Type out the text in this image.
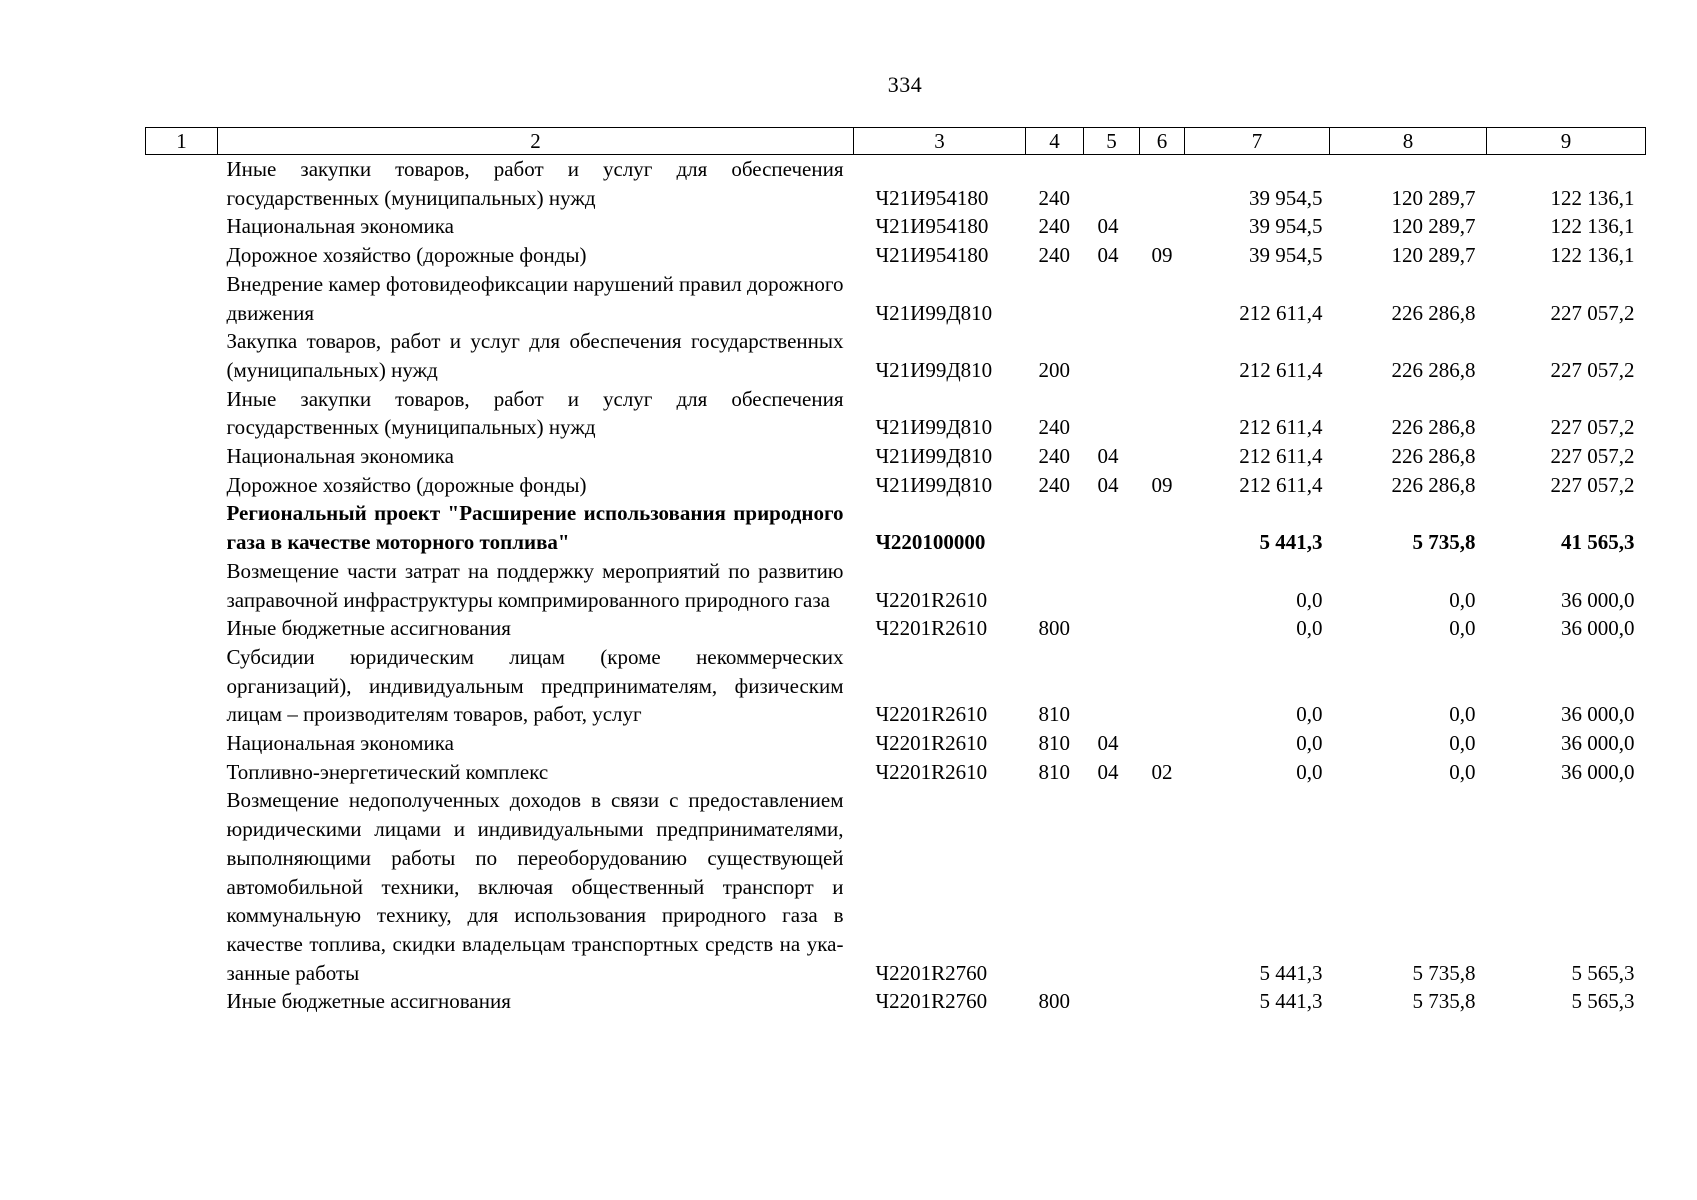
334
1	2	3	4	5	6	7	8	9
	Иные закупки товаров, работ и услуг для обеспечения государственных (муниципальных) нужд	Ч21И954180	240			39 954,5	120 289,7	122 136,1
	Национальная экономика	Ч21И954180	240	04		39 954,5	120 289,7	122 136,1
	Дорожное хозяйство (дорожные фонды)	Ч21И954180	240	04	09	39 954,5	120 289,7	122 136,1
	Внедрение камер фотовидеофиксации нарушений правил дорожного движения	Ч21И99Д810				212 611,4	226 286,8	227 057,2
	Закупка товаров, работ и услуг для обеспечения государственных (муниципальных) нужд	Ч21И99Д810	200			212 611,4	226 286,8	227 057,2
	Иные закупки товаров, работ и услуг для обеспечения государственных (муниципальных) нужд	Ч21И99Д810	240			212 611,4	226 286,8	227 057,2
	Национальная экономика	Ч21И99Д810	240	04		212 611,4	226 286,8	227 057,2
	Дорожное хозяйство (дорожные фонды)	Ч21И99Д810	240	04	09	212 611,4	226 286,8	227 057,2
	Региональный проект "Расширение использования природного газа в качестве моторного топлива"	Ч220100000				5 441,3	5 735,8	41 565,3
	Возмещение части затрат на поддержку мероприятий по развитию заправочной инфраструктуры компримированного природного газа	Ч2201R2610				0,0	0,0	36 000,0
	Иные бюджетные ассигнования	Ч2201R2610	800			0,0	0,0	36 000,0
	Субсидии юридическим лицам (кроме некоммерческих организаций), индивидуальным предпринимателям, физическим лицам – производителям товаров, работ, услуг	Ч2201R2610	810			0,0	0,0	36 000,0
	Национальная экономика	Ч2201R2610	810	04		0,0	0,0	36 000,0
	Топливно-энергетический комплекс	Ч2201R2610	810	04	02	0,0	0,0	36 000,0
	Возмещение недополученных доходов в связи с предоставлением юридическими лицами и индивидуальными предпринимателями, выполняющими работы по переоборудованию существующей автомобильной техники, включая общественный транспорт и коммунальную технику, для использования природного газа в качестве топлива, скидки владельцам транспортных средств на указанные работы	Ч2201R2760				5 441,3	5 735,8	5 565,3
	Иные бюджетные ассигнования	Ч2201R2760	800			5 441,3	5 735,8	5 565,3
